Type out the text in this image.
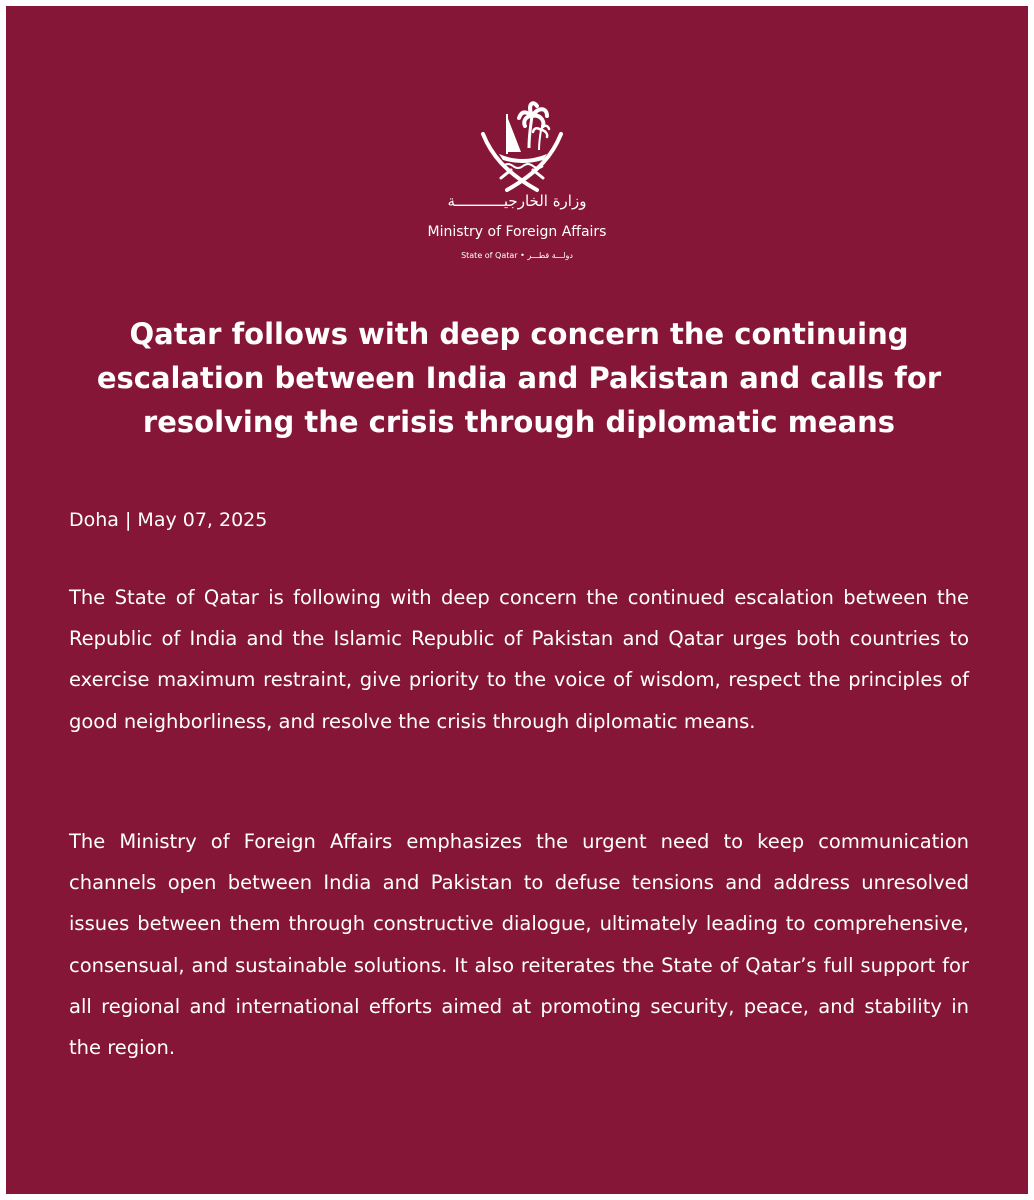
وزارة الخارجيـــــــــــة
Ministry of Foreign Affairs
State of Qatar • دولـــة قطـــر
Qatar follows with deep concern the continuing escalation between India and Pakistan and calls for resolving the crisis through diplomatic means
Doha | May 07, 2025
The State of Qatar is following with deep concern the continued escalation between the Republic of India and the Islamic Republic of Pakistan and Qatar urges both countries to exercise maximum restraint, give priority to the voice of wisdom, respect the principles of good neighborliness, and resolve the crisis through diplomatic means.
The Ministry of Foreign Affairs emphasizes the urgent need to keep communication channels open between India and Pakistan to defuse tensions and address unresolved issues between them through constructive dialogue, ultimately leading to comprehensive, consensual, and sustainable solutions. It also reiterates the State of Qatar’s full support for all regional and international efforts aimed at promoting security, peace, and stability in the region.
